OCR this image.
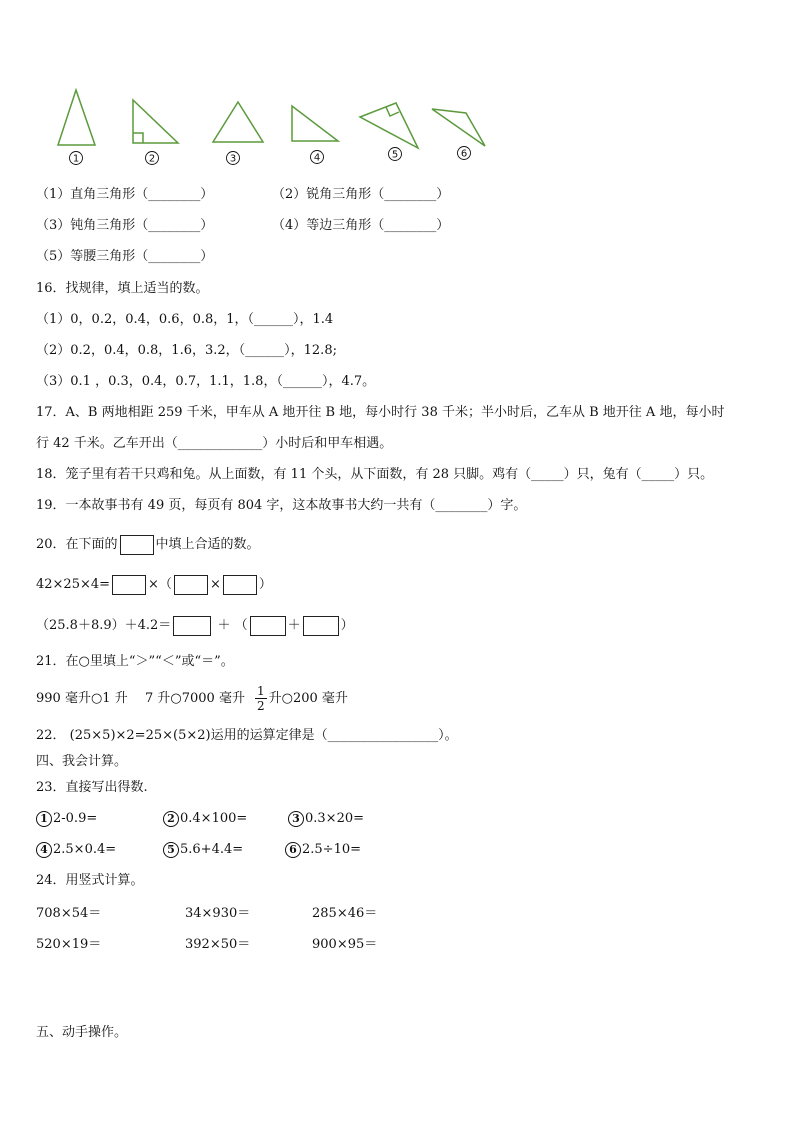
1	2	3	4	5	6
（1）直角三角形（________）	（2）锐角三角形（________）
（3）钝角三角形（________）	（4）等边三角形（________）
（5）等腰三角形（________）
16．找规律，填上适当的数。
（1）0，0.2，0.4，0.6，0.8，1，（______），1.4
（2）0.2，0.4，0.8，1.6，3.2，（______），12.8;
（3）0.1 ，0.3，0.4，0.7，1.1，1.8，（______），4.7。
17．A、B 两地相距 259 千米，甲车从 A 地开往 B 地，每小时行 38 千米；半小时后，乙车从 B 地开往 A 地，每小时
行 42 千米。乙车开出（_____________）小时后和甲车相遇。
18．笼子里有若干只鸡和兔。从上面数，有 11 个头，从下面数，有 28 只脚。鸡有（_____）只，兔有（_____）只。
19．一本故事书有 49 页，每页有 804 字，这本故事书大约一共有（________）字。
20．在下面的	中填上合适的数。
42×25×4=	×（	×	）
（25.8＋8.9）＋4.2＝	＋ （	＋	）
21．在○里填上“＞”“＜”或“＝”。
990 毫升○1 升 7 升○7000 毫升 $\frac{1}{2}$ 升○200 毫升
22． (25×5)×2=25×(5×2)运用的运算定律是（_________________）。
四、我会计算。
23．直接写出得数.
1 2-0.9=	2 0.4×100=	3 0.3×20=
4 2.5×0.4=	5 5.6+4.4=	6 2.5÷10=
24．用竖式计算。
708×54＝	34×930＝	285×46＝
520×19＝	392×50＝	900×95＝
五、动手操作。
